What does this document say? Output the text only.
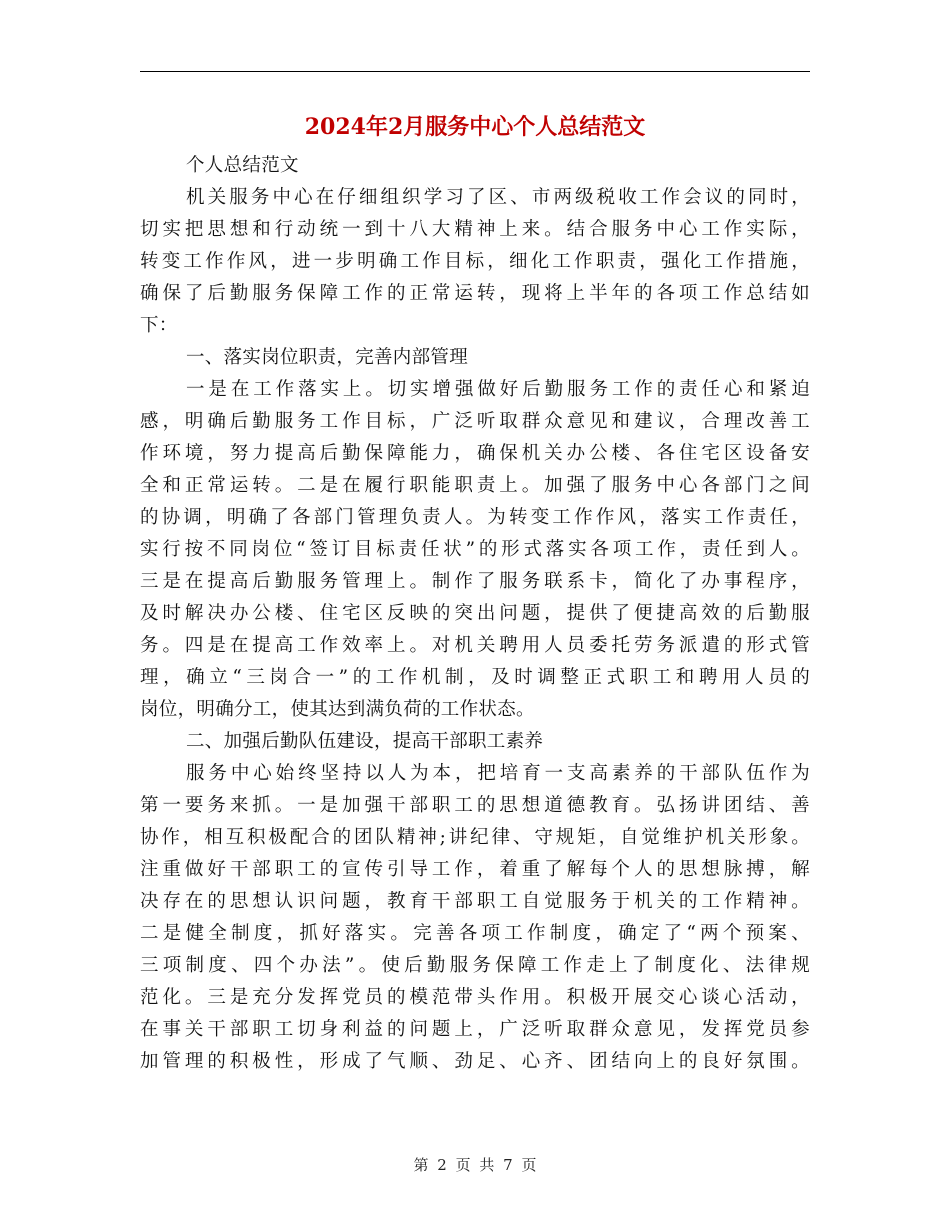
2024年2月服务中心个人总结范文
个人总结范文
机关服务中心在仔细组织学习了区、市两级税收工作会议的同时，
切实把思想和行动统一到十八大精神上来。结合服务中心工作实际，
转变工作作风，进一步明确工作目标，细化工作职责，强化工作措施，
确保了后勤服务保障工作的正常运转，现将上半年的各项工作总结如
下：
一、落实岗位职责，完善内部管理
一是在工作落实上。切实增强做好后勤服务工作的责任心和紧迫
感，明确后勤服务工作目标，广泛听取群众意见和建议，合理改善工
作环境，努力提高后勤保障能力，确保机关办公楼、各住宅区设备安
全和正常运转。二是在履行职能职责上。加强了服务中心各部门之间
的协调，明确了各部门管理负责人。为转变工作作风，落实工作责任，
实行按不同岗位“签订目标责任状”的形式落实各项工作，责任到人。
三是在提高后勤服务管理上。制作了服务联系卡，简化了办事程序，
及时解决办公楼、住宅区反映的突出问题，提供了便捷高效的后勤服
务。四是在提高工作效率上。对机关聘用人员委托劳务派遣的形式管
理，确立“三岗合一”的工作机制，及时调整正式职工和聘用人员的
岗位，明确分工，使其达到满负荷的工作状态。
二、加强后勤队伍建设，提高干部职工素养
服务中心始终坚持以人为本，把培育一支高素养的干部队伍作为
第一要务来抓。一是加强干部职工的思想道德教育。弘扬讲团结、善
协作，相互积极配合的团队精神;讲纪律、守规矩，自觉维护机关形象。
注重做好干部职工的宣传引导工作，着重了解每个人的思想脉搏，解
决存在的思想认识问题，教育干部职工自觉服务于机关的工作精神。
二是健全制度，抓好落实。完善各项工作制度，确定了“两个预案、
三项制度、四个办法”。使后勤服务保障工作走上了制度化、法律规
范化。三是充分发挥党员的模范带头作用。积极开展交心谈心活动，
在事关干部职工切身利益的问题上，广泛听取群众意见，发挥党员参
加管理的积极性，形成了气顺、劲足、心齐、团结向上的良好氛围。
第 2 页 共 7 页
